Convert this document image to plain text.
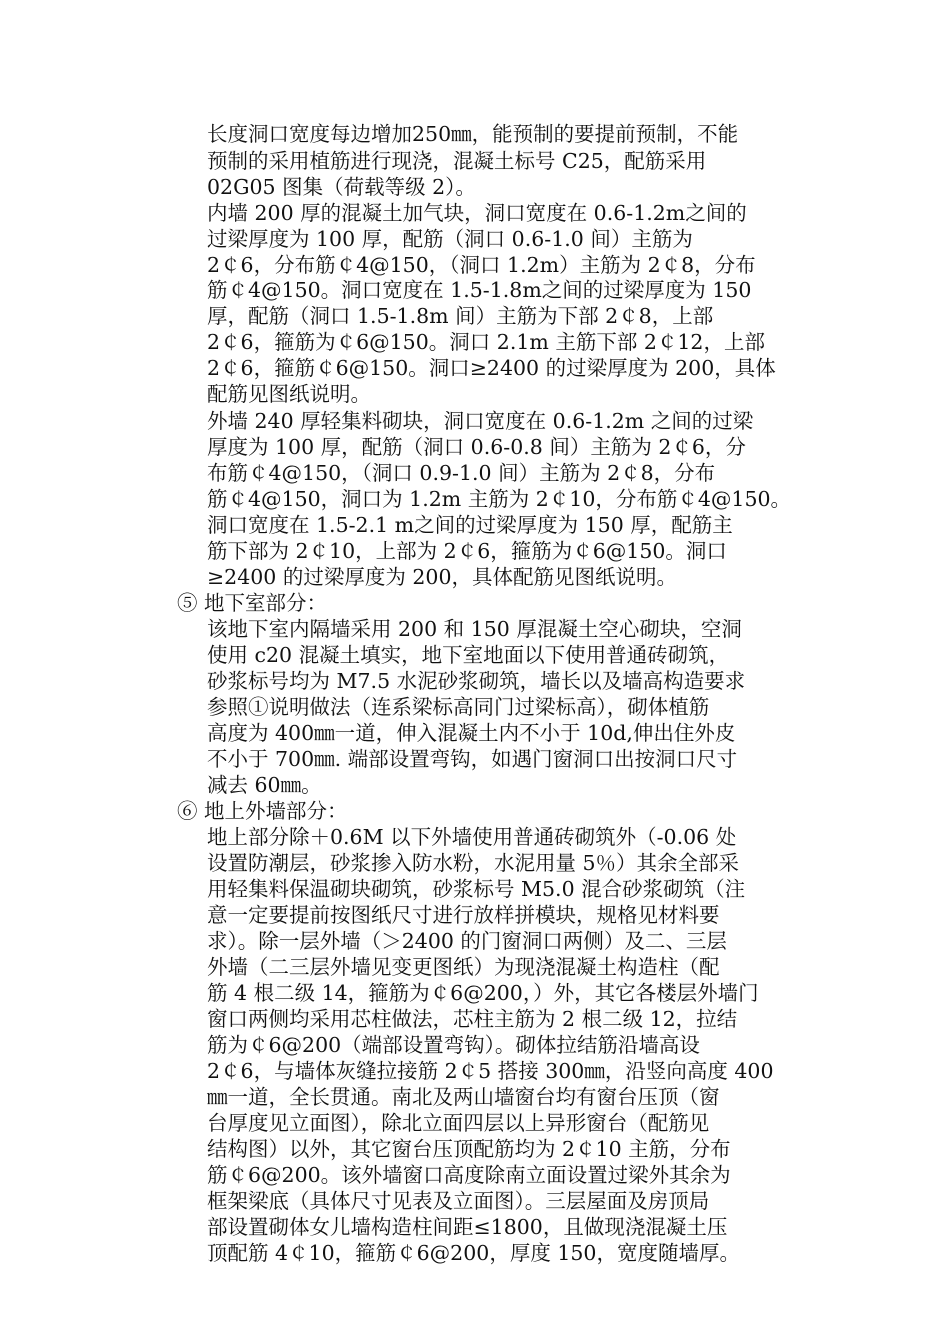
长度洞口宽度每边增加250㎜，能预制的要提前预制，不能
预制的采用植筋进行现浇，混凝土标号 C25，配筋采用
02G05 图集（荷载等级 2）。
内墙 200 厚的混凝土加气块，洞口宽度在 0.6-1.2m之间的
过梁厚度为 100 厚，配筋（洞口 0.6-1.0 间）主筋为
2￠6，分布筋￠4@150，（洞口 1.2m）主筋为 2￠8，分布
筋￠4@150。洞口宽度在 1.5-1.8m之间的过梁厚度为 150
厚，配筋（洞口 1.5-1.8m 间）主筋为下部 2￠8，上部
2￠6，箍筋为￠6@150。洞口 2.1m 主筋下部 2￠12，上部
2￠6，箍筋￠6@150。洞口≥2400 的过梁厚度为 200，具体
配筋见图纸说明。
外墙 240 厚轻集料砌块，洞口宽度在 0.6-1.2m 之间的过梁
厚度为 100 厚，配筋（洞口 0.6-0.8 间）主筋为 2￠6，分
布筋￠4@150，（洞口 0.9-1.0 间）主筋为 2￠8，分布
筋￠4@150，洞口为 1.2m 主筋为 2￠10，分布筋￠4@150。
洞口宽度在 1.5-2.1 m之间的过梁厚度为 150 厚，配筋主
筋下部为 2￠10，上部为 2￠6，箍筋为￠6@150。洞口
≥2400 的过梁厚度为 200，具体配筋见图纸说明。
⑤ 地下室部分：
该地下室内隔墙采用 200 和 150 厚混凝土空心砌块，空洞
使用 c20 混凝土填实，地下室地面以下使用普通砖砌筑，
砂浆标号均为 M7.5 水泥砂浆砌筑，墙长以及墙高构造要求
参照①说明做法（连系梁标高同门过梁标高），砌体植筋
高度为 400㎜一道，伸入混凝土内不小于 10d,伸出住外皮
不小于 700㎜. 端部设置弯钩，如遇门窗洞口出按洞口尺寸
减去 60㎜。
⑥ 地上外墙部分：
地上部分除＋0.6M 以下外墙使用普通砖砌筑外（-0.06 处
设置防潮层，砂浆掺入防水粉，水泥用量 5％）其余全部采
用轻集料保温砌块砌筑，砂浆标号 M5.0 混合砂浆砌筑（注
意一定要提前按图纸尺寸进行放样拼模块，规格见材料要
求）。除一层外墙（＞2400 的门窗洞口两侧）及二、三层
外墙（二三层外墙见变更图纸）为现浇混凝土构造柱（配
筋 4 根二级 14，箍筋为￠6@200，）外，其它各楼层外墙门
窗口两侧均采用芯柱做法，芯柱主筋为 2 根二级 12，拉结
筋为￠6@200（端部设置弯钩）。砌体拉结筋沿墙高设
2￠6，与墙体灰缝拉接筋 2￠5 搭接 300㎜，沿竖向高度 400
㎜一道，全长贯通。南北及两山墙窗台均有窗台压顶（窗
台厚度见立面图），除北立面四层以上异形窗台（配筋见
结构图）以外，其它窗台压顶配筋均为 2￠10 主筋，分布
筋￠6@200。该外墙窗口高度除南立面设置过梁外其余为
框架梁底（具体尺寸见表及立面图）。三层屋面及房顶局
部设置砌体女儿墙构造柱间距≤1800，且做现浇混凝土压
顶配筋 4￠10，箍筋￠6@200，厚度 150，宽度随墙厚。
